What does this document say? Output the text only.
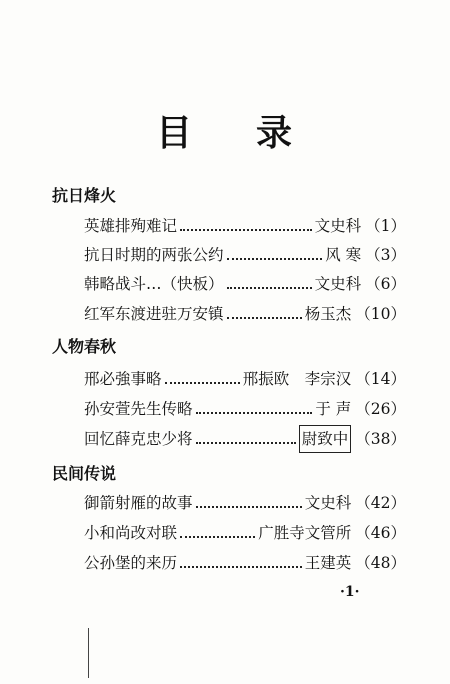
目 录
抗日烽火
英雄排殉难记	文史科 （1）
抗日时期的两张公约	风 寒 （3）
韩略战斗…（快板）	文史科 （6）
红军东渡进驻万安镇	杨玉杰 （10）
人物春秋
邢必強事略	邢振欧　李宗汉 （14）
孙安萱先生传略	于 声 （26）
回忆薛克忠少将	尉致中 （38）
民间传说
御箭射雁的故事	文史科 （42）
小和尚改对联	广胜寺文管所 （46）
公孙堡的来历	王建英 （48）
·1·
